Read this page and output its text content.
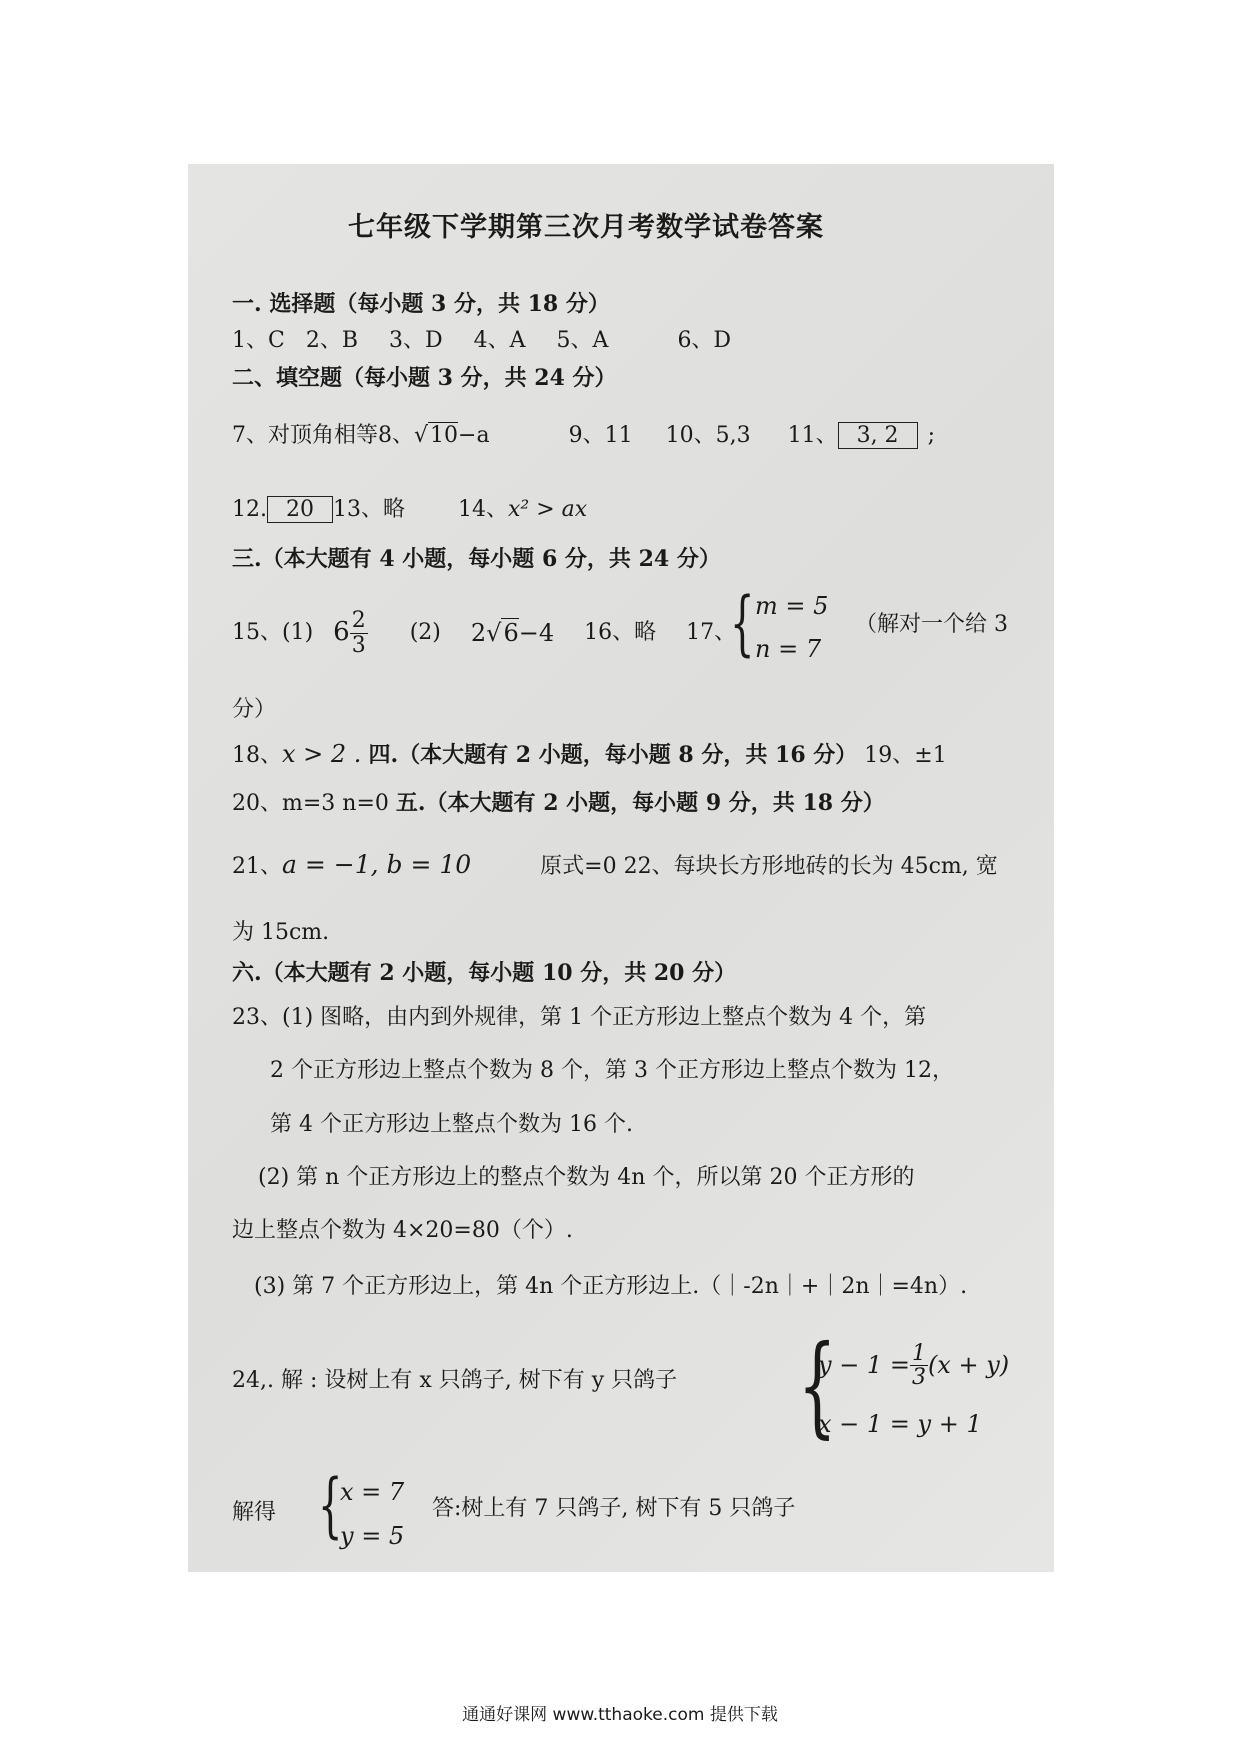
七年级下学期第三次月考数学试卷答案
一. 选择题（每小题 3 分，共 18 分）
1、C 2、B 3、D 4、A 5、A	6、D
二、填空题（每小题 3 分，共 24 分）
7、对顶角相等8、√10−a	9、11 10、5,3 11、 3, 2 ;
12. 20 13、略 14、x² > ax
三.（本大题有 4 小题，每小题 6 分，共 24 分）
15、(1) $6 \frac{2}{3} (2)$ 2 √ 6 −4 16、略 17、
{ m = 5
n = 7
（解对一个给 3
分）
18、x > 2 . 四.（本大题有 2 小题，每小题 8 分，共 16 分） 19、±1
20、m=3 n=0 五.（本大题有 2 小题，每小题 9 分，共 18 分）
21、a = −1, b = 10	原式=0 22、每块长方形地砖的长为 45cm, 宽
为 15cm.
六.（本大题有 2 小题，每小题 10 分，共 20 分）
23、(1) 图略，由内到外规律，第 1 个正方形边上整点个数为 4 个，第
2 个正方形边上整点个数为 8 个，第 3 个正方形边上整点个数为 12，
第 4 个正方形边上整点个数为 16 个.
(2) 第 n 个正方形边上的整点个数为 4n 个，所以第 20 个正方形的
边上整点个数为 4×20=80（个）.
(3) 第 7 个正方形边上，第 4n 个正方形边上.（｜-2n｜+｜2n｜=4n）.
24,. 解 : 设树上有 x 只鸽子, 树下有 y 只鸽子 {
$y - 1 = \frac{1}{3} (x + y)$
x − 1 = y + 1
解得 {
x = 7
y = 5
答:树上有 7 只鸽子, 树下有 5 只鸽子
通通好课网 www.tthaoke.com 提供下载
